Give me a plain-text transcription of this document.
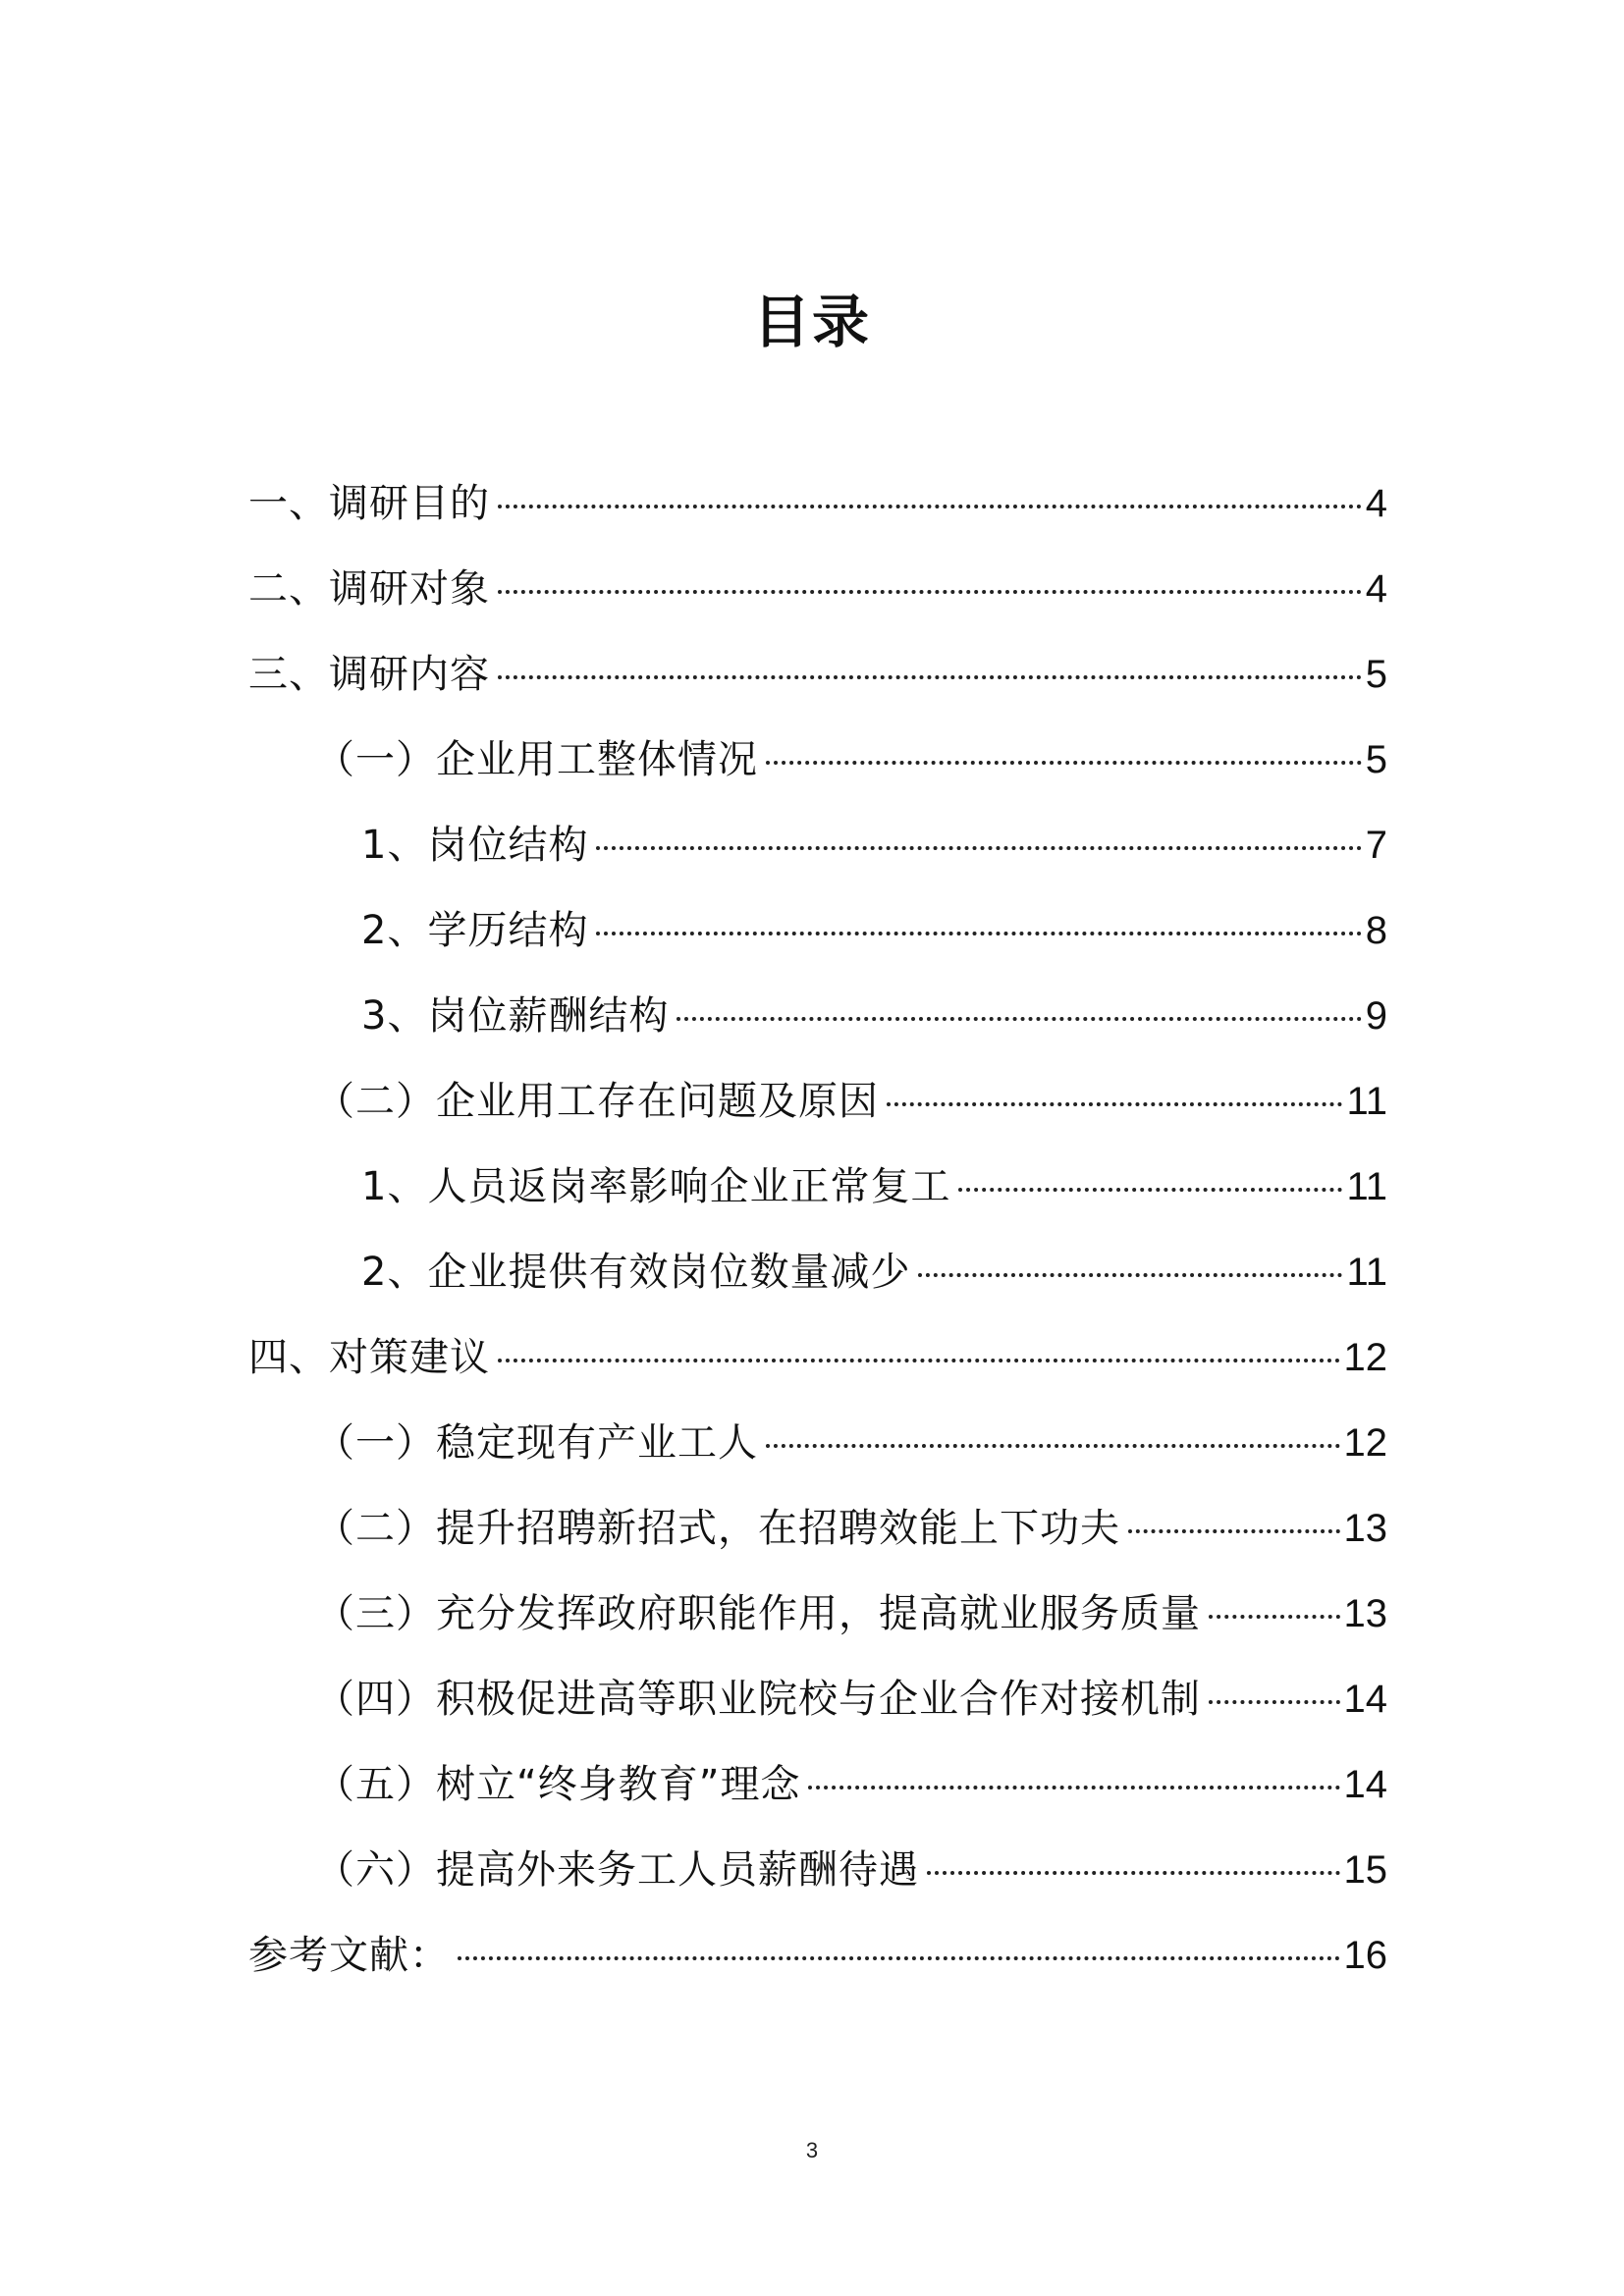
目录
一、调研目的	4
二、调研对象	4
三、调研内容	5
（一）企业用工整体情况	5
1、岗位结构	7
2、学历结构	8
3、岗位薪酬结构	9
（二）企业用工存在问题及原因	11
1、人员返岗率影响企业正常复工	11
2、企业提供有效岗位数量减少	11
四、对策建议	12
（一）稳定现有产业工人	12
（二）提升招聘新招式，在招聘效能上下功夫	13
（三）充分发挥政府职能作用，提高就业服务质量	13
（四）积极促进高等职业院校与企业合作对接机制	14
（五）树立“终身教育”理念	14
（六）提高外来务工人员薪酬待遇	15
参考文献：	16
3
